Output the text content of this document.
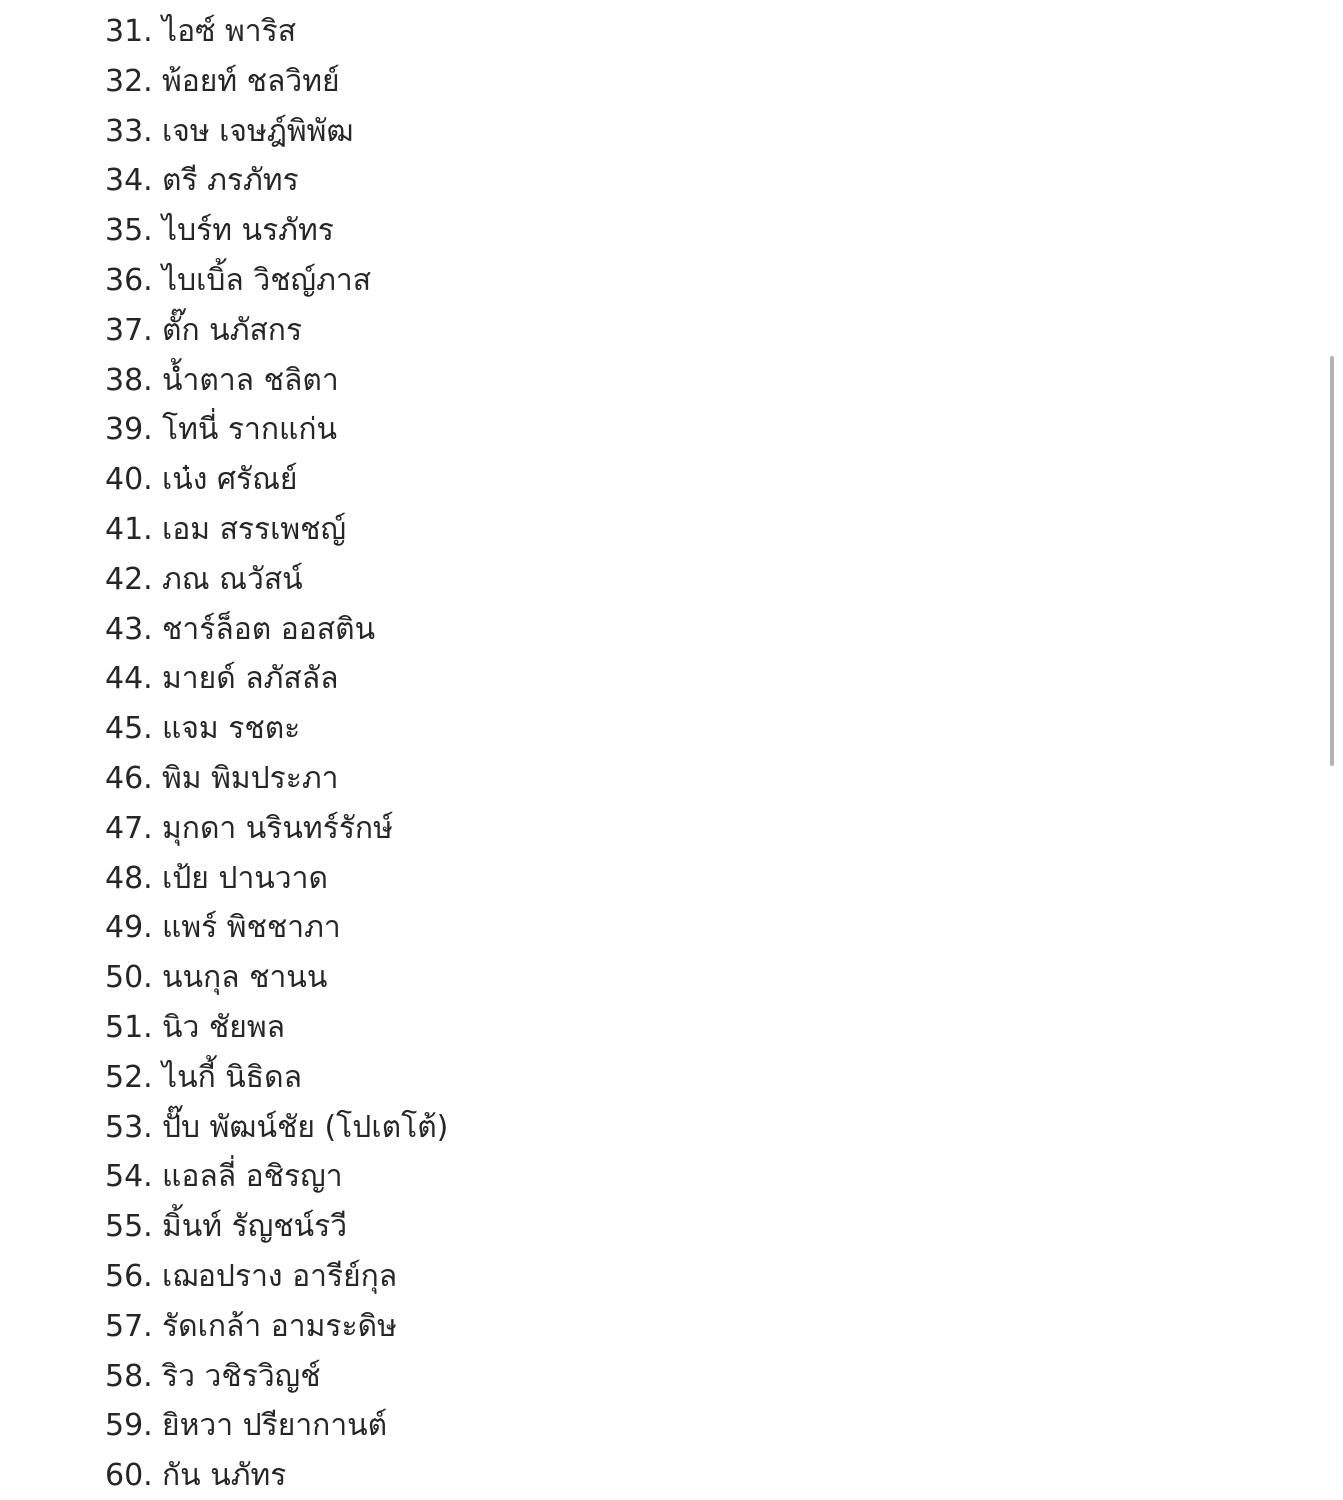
31. ไอซ์ พาริส
32. พ้อยท์ ชลวิทย์
33. เจษ เจษฎ์พิพัฒ
34. ตรี ภรภัทร
35. ไบร์ท นรภัทร
36. ไบเบิ้ล วิชญ์ภาส
37. ตั๊ก นภัสกร
38. น้ำตาล ชลิตา
39. โทนี่ รากแก่น
40. เน๋ง ศรัณย์
41. เอม สรรเพชญ์
42. ภณ ณวัสน์
43. ชาร์ล็อต ออสติน
44. มายด์ ลภัสลัล
45. แจม รชตะ
46. พิม พิมประภา
47. มุกดา นรินทร์รักษ์
48. เป้ย ปานวาด
49. แพร์ พิชชาภา
50. นนกุล ชานน
51. นิว ชัยพล
52. ไนกี้ นิธิดล
53. ปั๊บ พัฒน์ชัย (โปเตโต้)
54. แอลลี่ อชิรญา
55. มิ้นท์ รัญชน์รวี
56. เฌอปราง อารีย์กุล
57. รัดเกล้า อามระดิษ
58. ริว วชิรวิญช์
59. ยิหวา ปรียากานต์
60. กัน นภัทร
